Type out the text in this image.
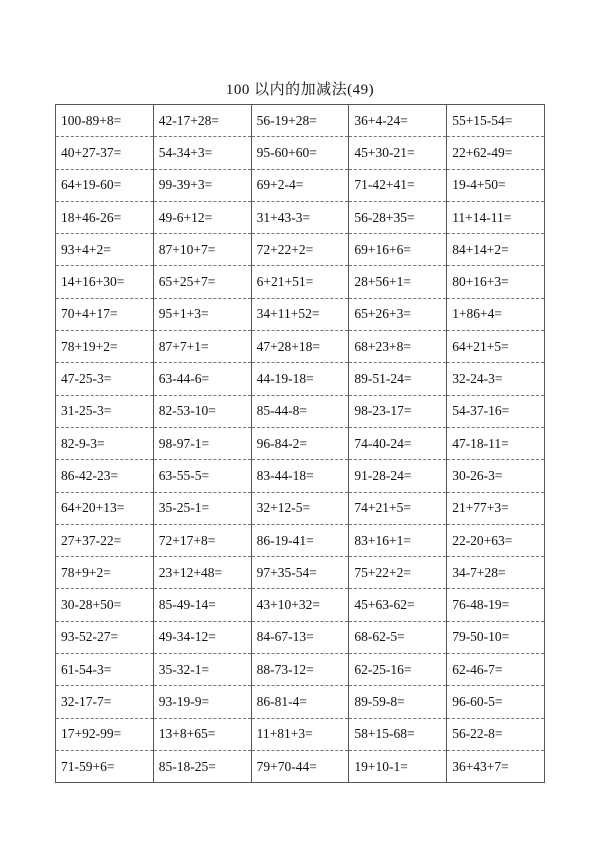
100 以内的加减法(49)
100-89+8=	42-17+28=	56-19+28=	36+4-24=	55+15-54=
40+27-37=	54-34+3=	95-60+60=	45+30-21=	22+62-49=
64+19-60=	99-39+3=	69+2-4=	71-42+41=	19-4+50=
18+46-26=	49-6+12=	31+43-3=	56-28+35=	11+14-11=
93+4+2=	87+10+7=	72+22+2=	69+16+6=	84+14+2=
14+16+30=	65+25+7=	6+21+51=	28+56+1=	80+16+3=
70+4+17=	95+1+3=	34+11+52=	65+26+3=	1+86+4=
78+19+2=	87+7+1=	47+28+18=	68+23+8=	64+21+5=
47-25-3=	63-44-6=	44-19-18=	89-51-24=	32-24-3=
31-25-3=	82-53-10=	85-44-8=	98-23-17=	54-37-16=
82-9-3=	98-97-1=	96-84-2=	74-40-24=	47-18-11=
86-42-23=	63-55-5=	83-44-18=	91-28-24=	30-26-3=
64+20+13=	35-25-1=	32+12-5=	74+21+5=	21+77+3=
27+37-22=	72+17+8=	86-19-41=	83+16+1=	22-20+63=
78+9+2=	23+12+48=	97+35-54=	75+22+2=	34-7+28=
30-28+50=	85-49-14=	43+10+32=	45+63-62=	76-48-19=
93-52-27=	49-34-12=	84-67-13=	68-62-5=	79-50-10=
61-54-3=	35-32-1=	88-73-12=	62-25-16=	62-46-7=
32-17-7=	93-19-9=	86-81-4=	89-59-8=	96-60-5=
17+92-99=	13+8+65=	11+81+3=	58+15-68=	56-22-8=
71-59+6=	85-18-25=	79+70-44=	19+10-1=	36+43+7=
